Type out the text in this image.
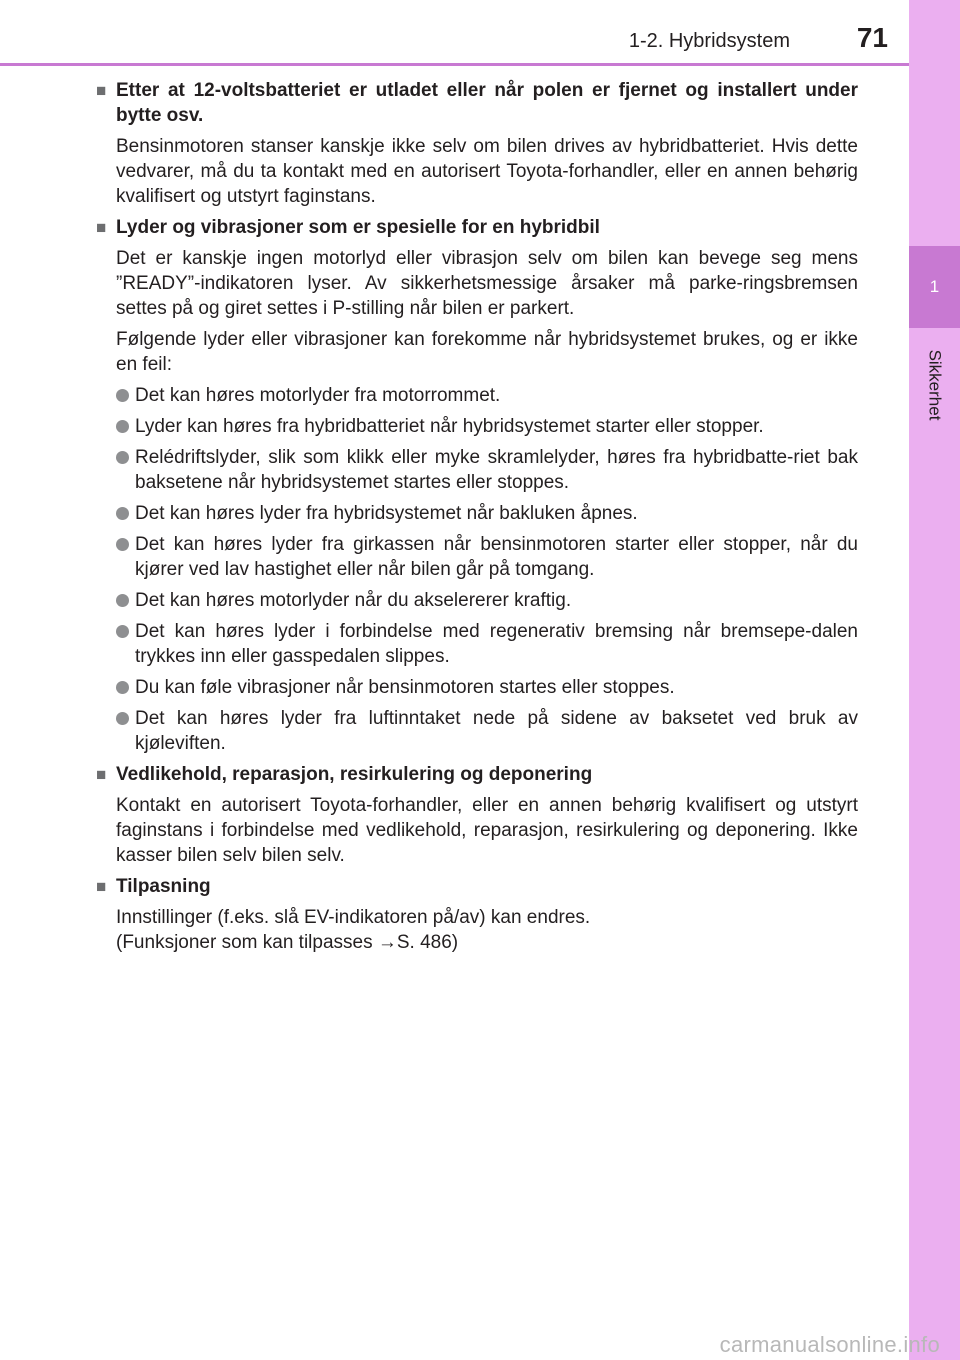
1
Sikkerhet
1-2. Hybridsystem 71
■ Etter at 12-voltsbatteriet er utladet eller når polen er fjernet og installert under bytte osv.
Bensinmotoren stanser kanskje ikke selv om bilen drives av hybridbatteriet. Hvis dette vedvarer, må du ta kontakt med en autorisert Toyota-forhandler, eller en annen behørig kvalifisert og utstyrt faginstans.
■ Lyder og vibrasjoner som er spesielle for en hybridbil
Det er kanskje ingen motorlyd eller vibrasjon selv om bilen kan bevege seg mens ”READY”-indikatoren lyser. Av sikkerhetsmessige årsaker må parke-ringsbremsen settes på og giret settes i P-stilling når bilen er parkert.
Følgende lyder eller vibrasjoner kan forekomme når hybridsystemet brukes, og er ikke en feil:
Det kan høres motorlyder fra motorrommet.
Lyder kan høres fra hybridbatteriet når hybridsystemet starter eller stopper.
Relédriftslyder, slik som klikk eller myke skramlelyder, høres fra hybridbatte-riet bak baksetene når hybridsystemet startes eller stoppes.
Det kan høres lyder fra hybridsystemet når bakluken åpnes.
Det kan høres lyder fra girkassen når bensinmotoren starter eller stopper, når du kjører ved lav hastighet eller når bilen går på tomgang.
Det kan høres motorlyder når du akselererer kraftig.
Det kan høres lyder i forbindelse med regenerativ bremsing når bremsepe-dalen trykkes inn eller gasspedalen slippes.
Du kan føle vibrasjoner når bensinmotoren startes eller stoppes.
Det kan høres lyder fra luftinntaket nede på sidene av baksetet ved bruk av kjøleviften.
■ Vedlikehold, reparasjon, resirkulering og deponering
Kontakt en autorisert Toyota-forhandler, eller en annen behørig kvalifisert og utstyrt faginstans i forbindelse med vedlikehold, reparasjon, resirkulering og deponering. Ikke kasser bilen selv bilen selv.
■ Tilpasning
Innstillinger (f.eks. slå EV-indikatoren på/av) kan endres.
(Funksjoner som kan tilpasses →S. 486)
carmanualsonline.info
